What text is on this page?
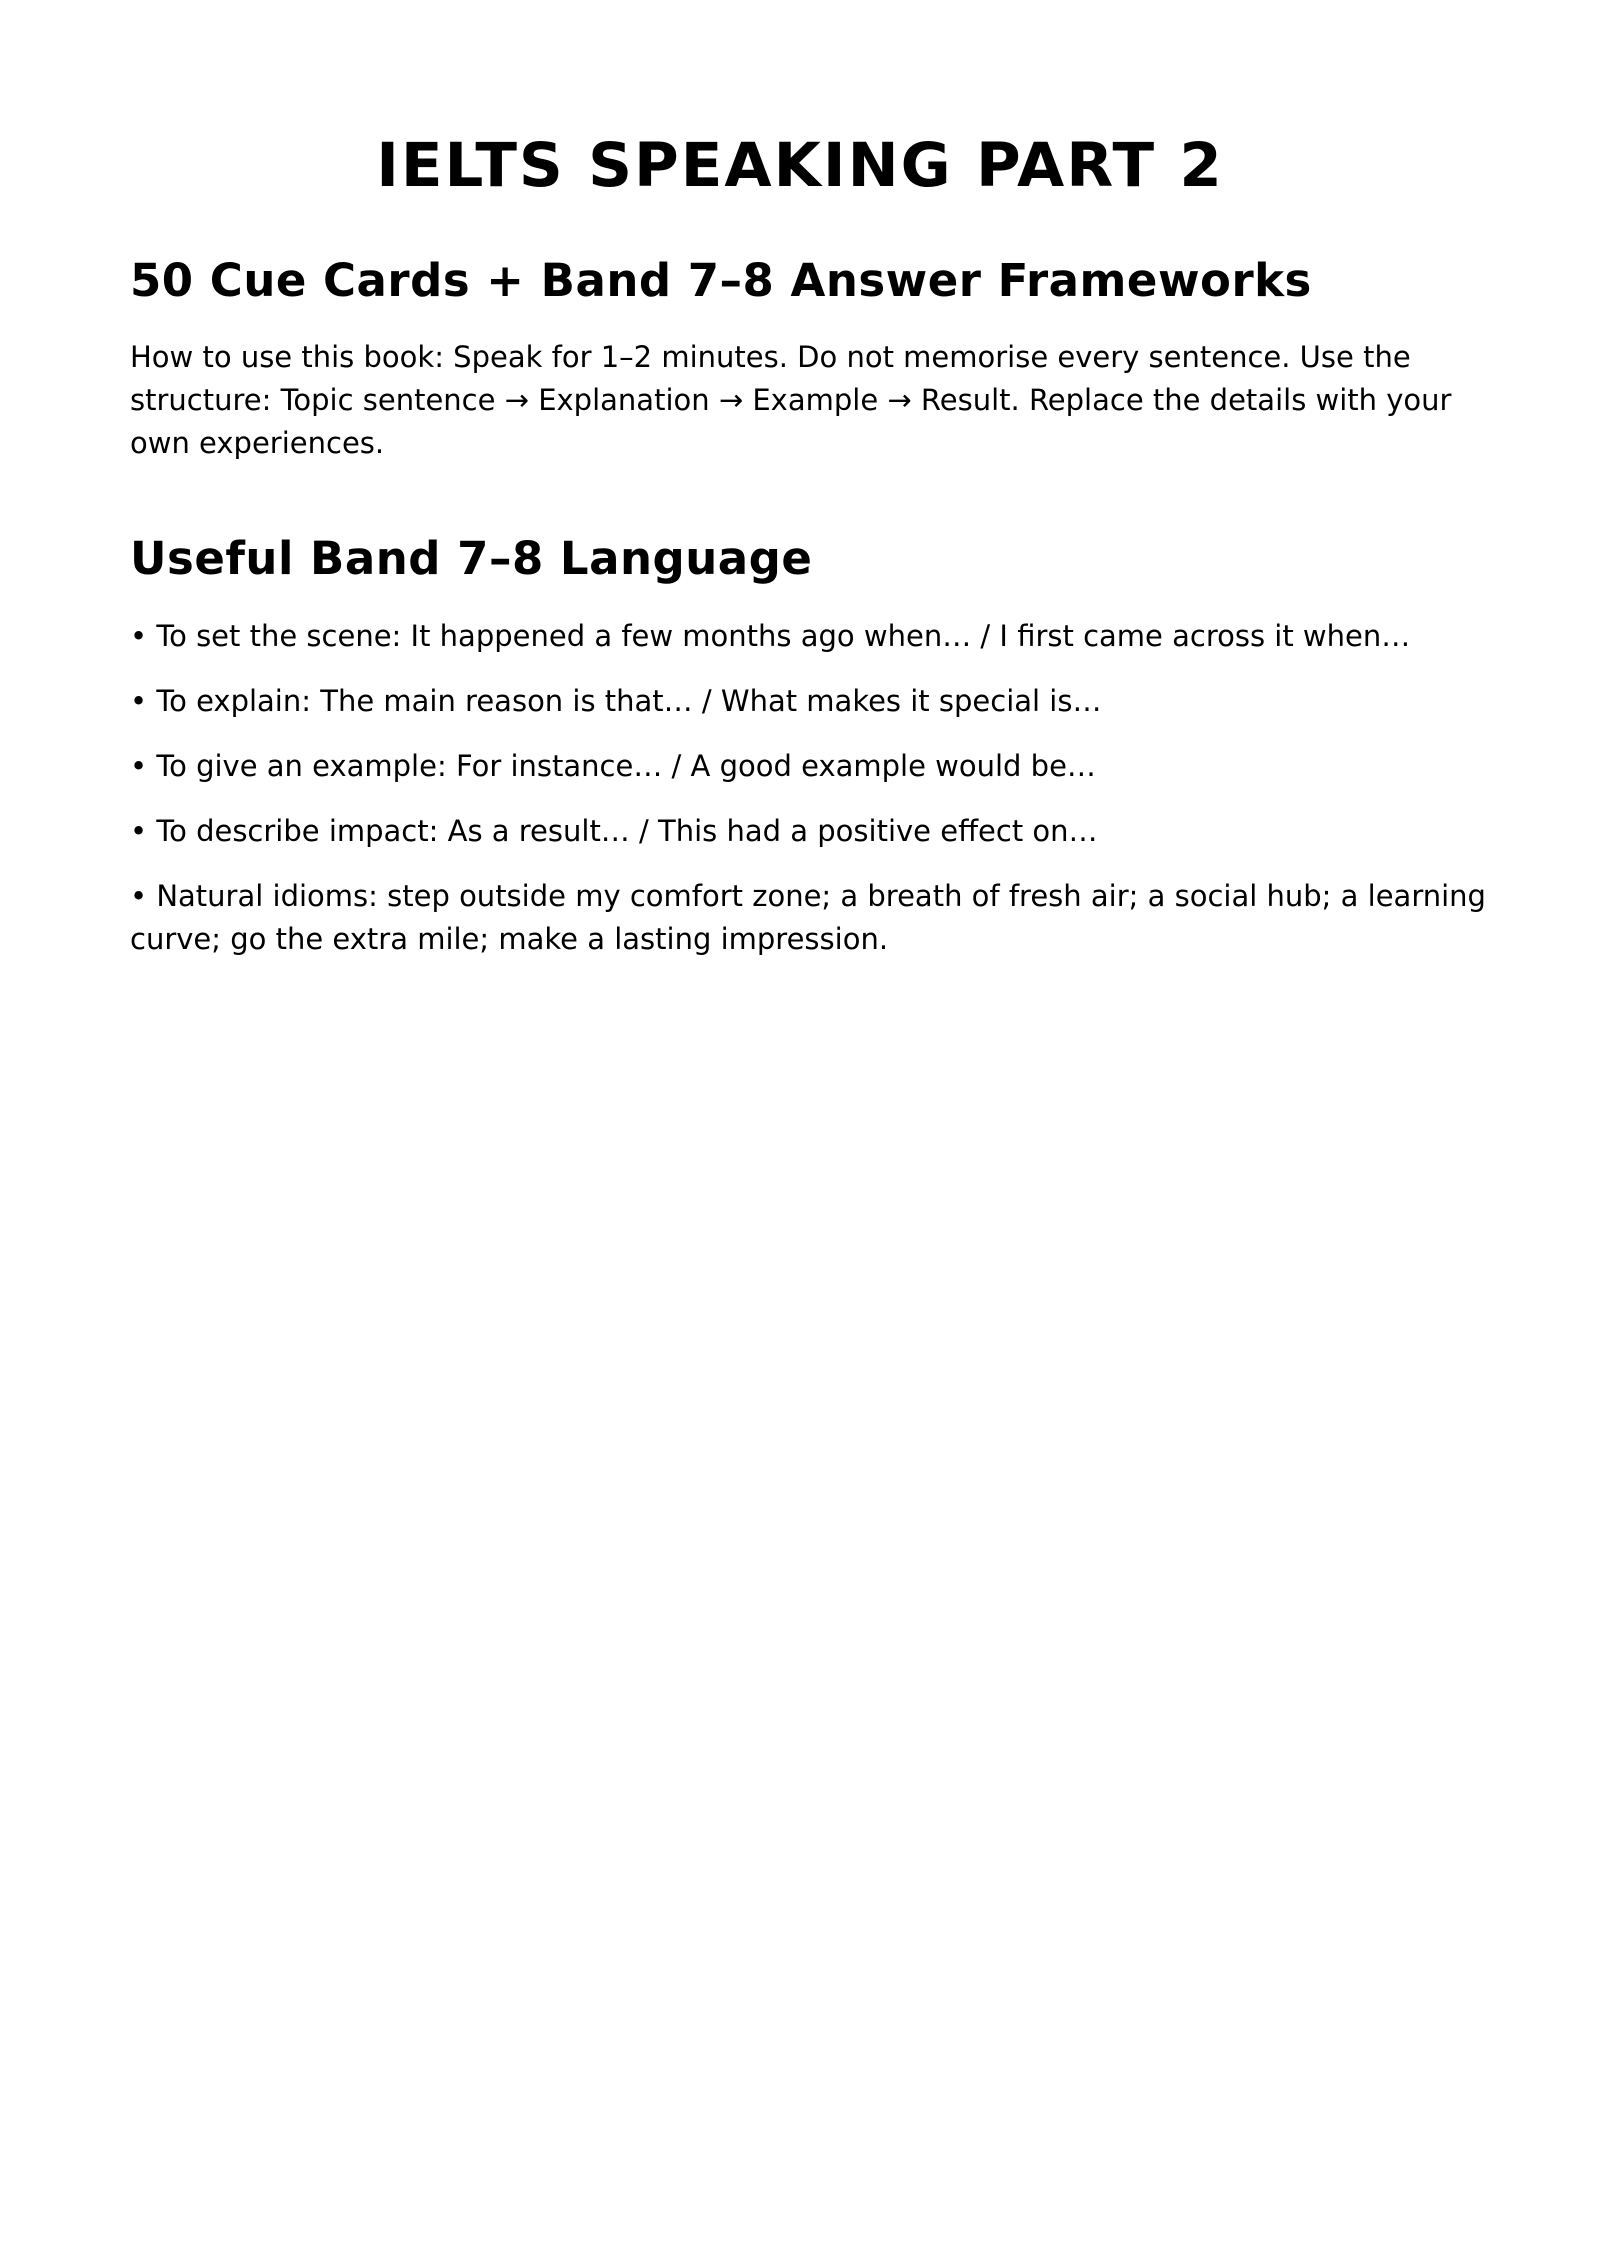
IELTS SPEAKING PART 2
50 Cue Cards + Band 7–8 Answer Frameworks

How to use this book: Speak for 1–2 minutes. Do not memorise every sentence. Use the structure: Topic sentence → Explanation → Example → Result. Replace the details with your own experiences.

Useful Band 7–8 Language
• To set the scene: It happened a few months ago when… / I first came across it when…
• To explain: The main reason is that… / What makes it special is…
• To give an example: For instance… / A good example would be…
• To describe impact: As a result… / This had a positive effect on…
• Natural idioms: step outside my comfort zone; a breath of fresh air; a social hub; a learning curve; go the extra mile; make a lasting impression.
